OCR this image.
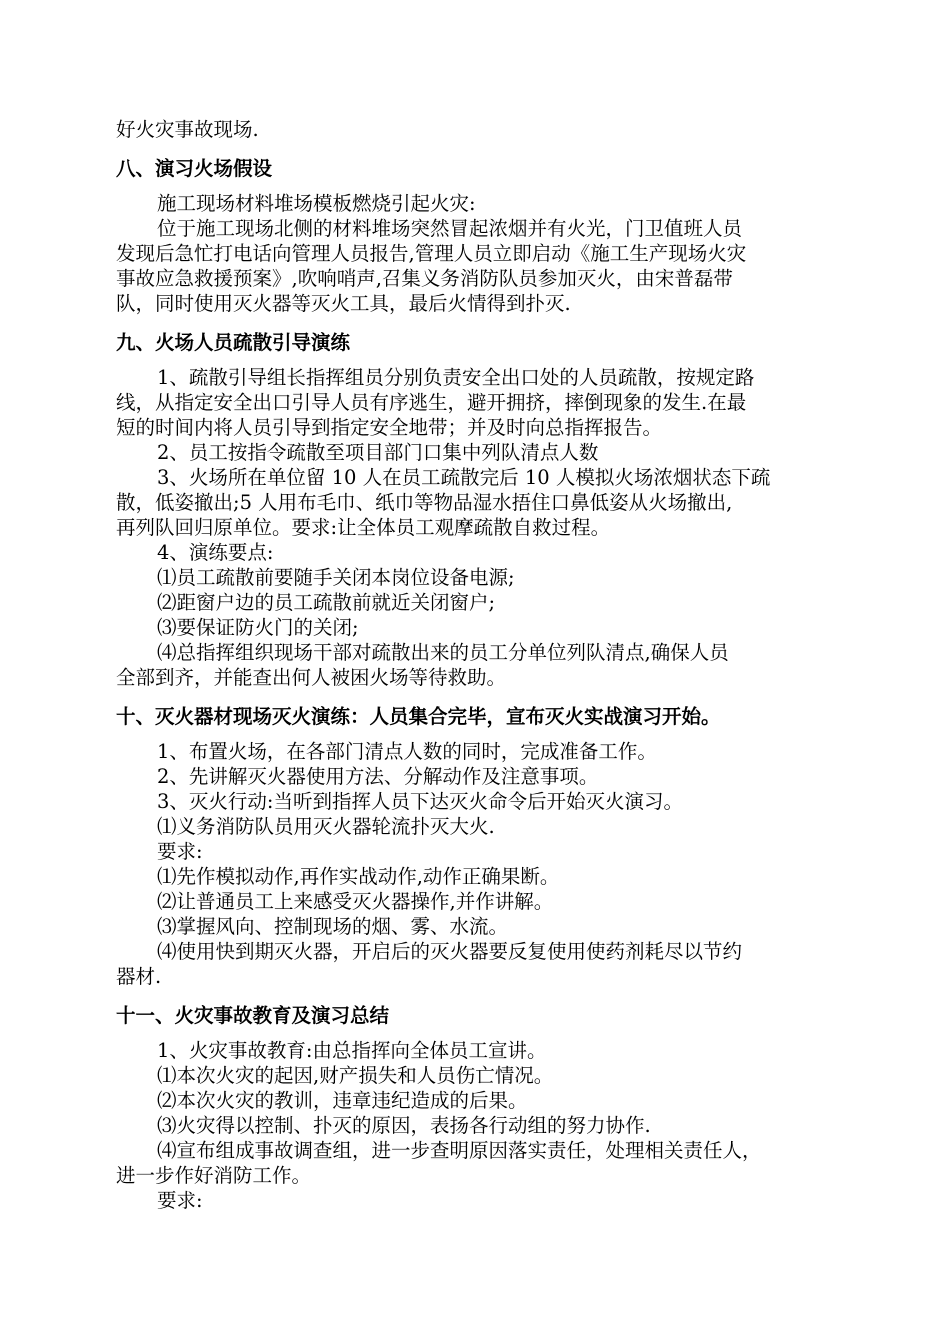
好火灾事故现场.
八、演习火场假设
施工现场材料堆场模板燃烧引起火灾:
位于施工现场北侧的材料堆场突然冒起浓烟并有火光，门卫值班人员
发现后急忙打电话向管理人员报告,管理人员立即启动《施工生产现场火灾
事故应急救援预案》,吹响哨声,召集义务消防队员参加灭火，由宋普磊带
队，同时使用灭火器等灭火工具，最后火情得到扑灭.
九、火场人员疏散引导演练
1、疏散引导组长指挥组员分别负责安全出口处的人员疏散，按规定路
线，从指定安全出口引导人员有序逃生，避开拥挤，摔倒现象的发生.在最
短的时间内将人员引导到指定安全地带；并及时向总指挥报告。
2、员工按指令疏散至项目部门口集中列队清点人数
3、火场所在单位留 10 人在员工疏散完后 10 人模拟火场浓烟状态下疏
散，低姿撤出;5 人用布毛巾、纸巾等物品湿水捂住口鼻低姿从火场撤出,
再列队回归原单位。要求:让全体员工观摩疏散自救过程。
4、演练要点:
⑴员工疏散前要随手关闭本岗位设备电源;
⑵距窗户边的员工疏散前就近关闭窗户;
⑶要保证防火门的关闭;
⑷总指挥组织现场干部对疏散出来的员工分单位列队清点,确保人员
全部到齐，并能查出何人被困火场等待救助。
十、灭火器材现场灭火演练：人员集合完毕，宣布灭火实战演习开始。
1、布置火场，在各部门清点人数的同时，完成准备工作。
2、先讲解灭火器使用方法、分解动作及注意事项。
3、灭火行动:当听到指挥人员下达灭火命令后开始灭火演习。
⑴义务消防队员用灭火器轮流扑灭大火.
要求:
⑴先作模拟动作,再作实战动作,动作正确果断。
⑵让普通员工上来感受灭火器操作,并作讲解。
⑶掌握风向、控制现场的烟、雾、水流。
⑷使用快到期灭火器，开启后的灭火器要反复使用使药剂耗尽以节约
器材.
十一、火灾事故教育及演习总结
1、火灾事故教育:由总指挥向全体员工宣讲。
⑴本次火灾的起因,财产损失和人员伤亡情况。
⑵本次火灾的教训，违章违纪造成的后果。
⑶火灾得以控制、扑灭的原因，表扬各行动组的努力协作.
⑷宣布组成事故调查组，进一步查明原因落实责任，处理相关责任人，
进一步作好消防工作。
要求:
